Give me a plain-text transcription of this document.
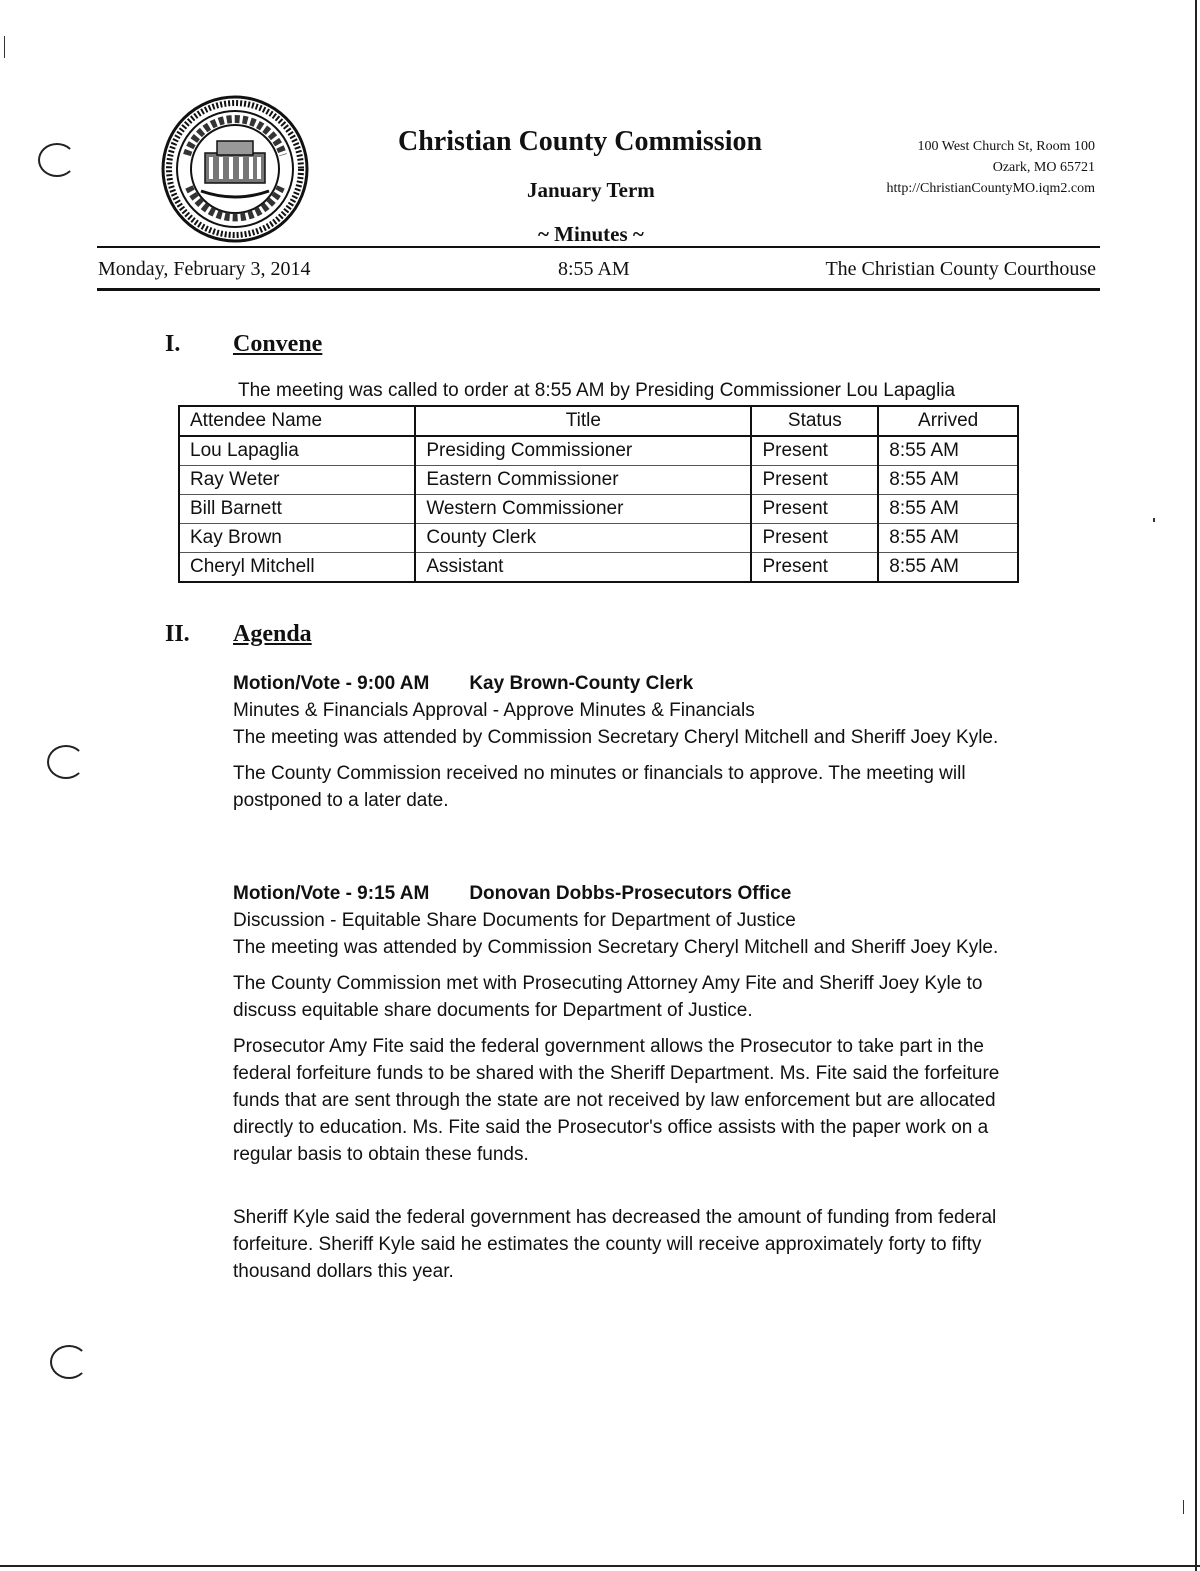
Christian County Commission
January Term
~ Minutes ~
100 West Church St, Room 100
Ozark, MO 65721
http://ChristianCountyMO.iqm2.com
Monday, February 3, 2014	8:55 AM	The Christian County Courthouse
I. Convene
The meeting was called to order at 8:55 AM by Presiding Commissioner Lou Lapaglia
Attendee Name	Title	Status	Arrived
Lou Lapaglia	Presiding Commissioner	Present	8:55 AM
Ray Weter	Eastern Commissioner	Present	8:55 AM
Bill Barnett	Western Commissioner	Present	8:55 AM
Kay Brown	County Clerk	Present	8:55 AM
Cheryl Mitchell	Assistant	Present	8:55 AM
II. Agenda
Motion/Vote - 9:00 AM Kay Brown-County Clerk

Minutes & Financials Approval - Approve Minutes & Financials

The meeting was attended by Commission Secretary Cheryl Mitchell and Sheriff Joey Kyle.

The County Commission received no minutes or financials to approve. The meeting will postponed to a later date.

Motion/Vote - 9:15 AM Donovan Dobbs-Prosecutors Office

Discussion - Equitable Share Documents for Department of Justice

The meeting was attended by Commission Secretary Cheryl Mitchell and Sheriff Joey Kyle.

The County Commission met with Prosecuting Attorney Amy Fite and Sheriff Joey Kyle to discuss equitable share documents for Department of Justice.

Prosecutor Amy Fite said the federal government allows the Prosecutor to take part in the federal forfeiture funds to be shared with the Sheriff Department. Ms. Fite said the forfeiture funds that are sent through the state are not received by law enforcement but are allocated directly to education. Ms. Fite said the Prosecutor's office assists with the paper work on a regular basis to obtain these funds.

Sheriff Kyle said the federal government has decreased the amount of funding from federal forfeiture. Sheriff Kyle said he estimates the county will receive approximately forty to fifty thousand dollars this year.
